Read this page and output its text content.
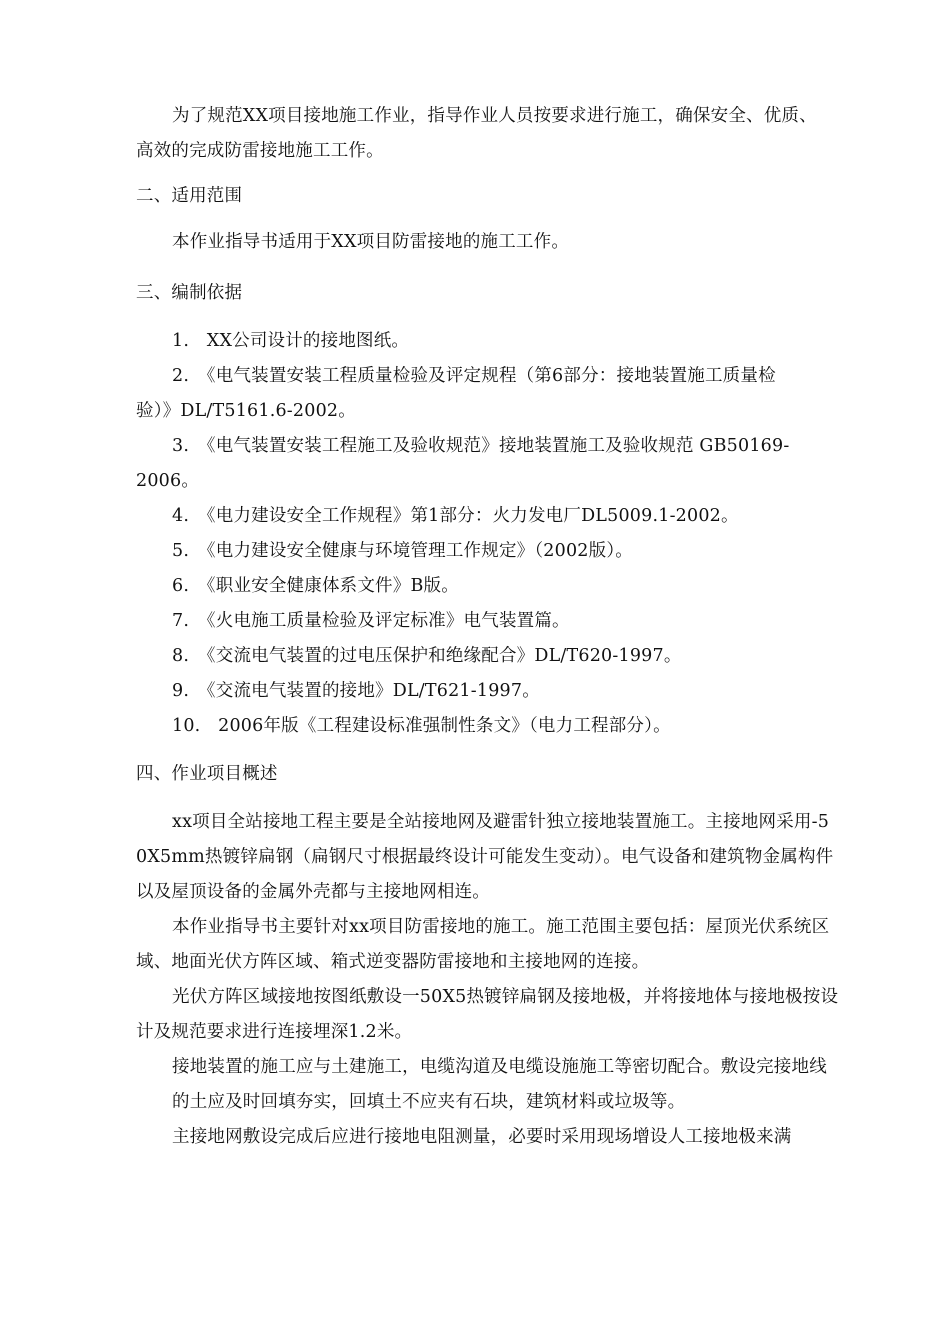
为了规范XX项目接地施工作业，指导作业人员按要求进行施工，确保安全、优质、
高效的完成防雷接地施工工作。
二、适用范围
本作业指导书适用于XX项目防雷接地的施工工作。
三、编制依据
1.　XX公司设计的接地图纸。
2.　《电气装置安装工程质量检验及评定规程（第6部分：接地装置施工质量检
验）》DL/T5161.6-2002。
3.　《电气装置安装工程施工及验收规范》接地装置施工及验收规范 GB50169-
2006。
4.　《电力建设安全工作规程》第1部分：火力发电厂DL5009.1-2002。
5.　《电力建设安全健康与环境管理工作规定》（2002版）。
6.　《职业安全健康体系文件》B版。
7.　《火电施工质量检验及评定标准》电气装置篇。
8.　《交流电气装置的过电压保护和绝缘配合》DL/T620-1997。
9.　《交流电气装置的接地》DL/T621-1997。
10.　2006年版《工程建设标准强制性条文》（电力工程部分）。
四、作业项目概述
xx项目全站接地工程主要是全站接地网及避雷针独立接地装置施工。主接地网采用-5
0X5mm热镀锌扁钢（扁钢尺寸根据最终设计可能发生变动）。电气设备和建筑物金属构件
以及屋顶设备的金属外壳都与主接地网相连。
本作业指导书主要针对xx项目防雷接地的施工。施工范围主要包括：屋顶光伏系统区
域、地面光伏方阵区域、箱式逆变器防雷接地和主接地网的连接。
光伏方阵区域接地按图纸敷设一50X5热镀锌扁钢及接地极，并将接地体与接地极按设
计及规范要求进行连接埋深1.2米。
接地装置的施工应与土建施工，电缆沟道及电缆设施施工等密切配合。敷设完接地线
的土应及时回填夯实，回填土不应夹有石块，建筑材料或垃圾等。
主接地网敷设完成后应进行接地电阻测量，必要时采用现场增设人工接地极来满
